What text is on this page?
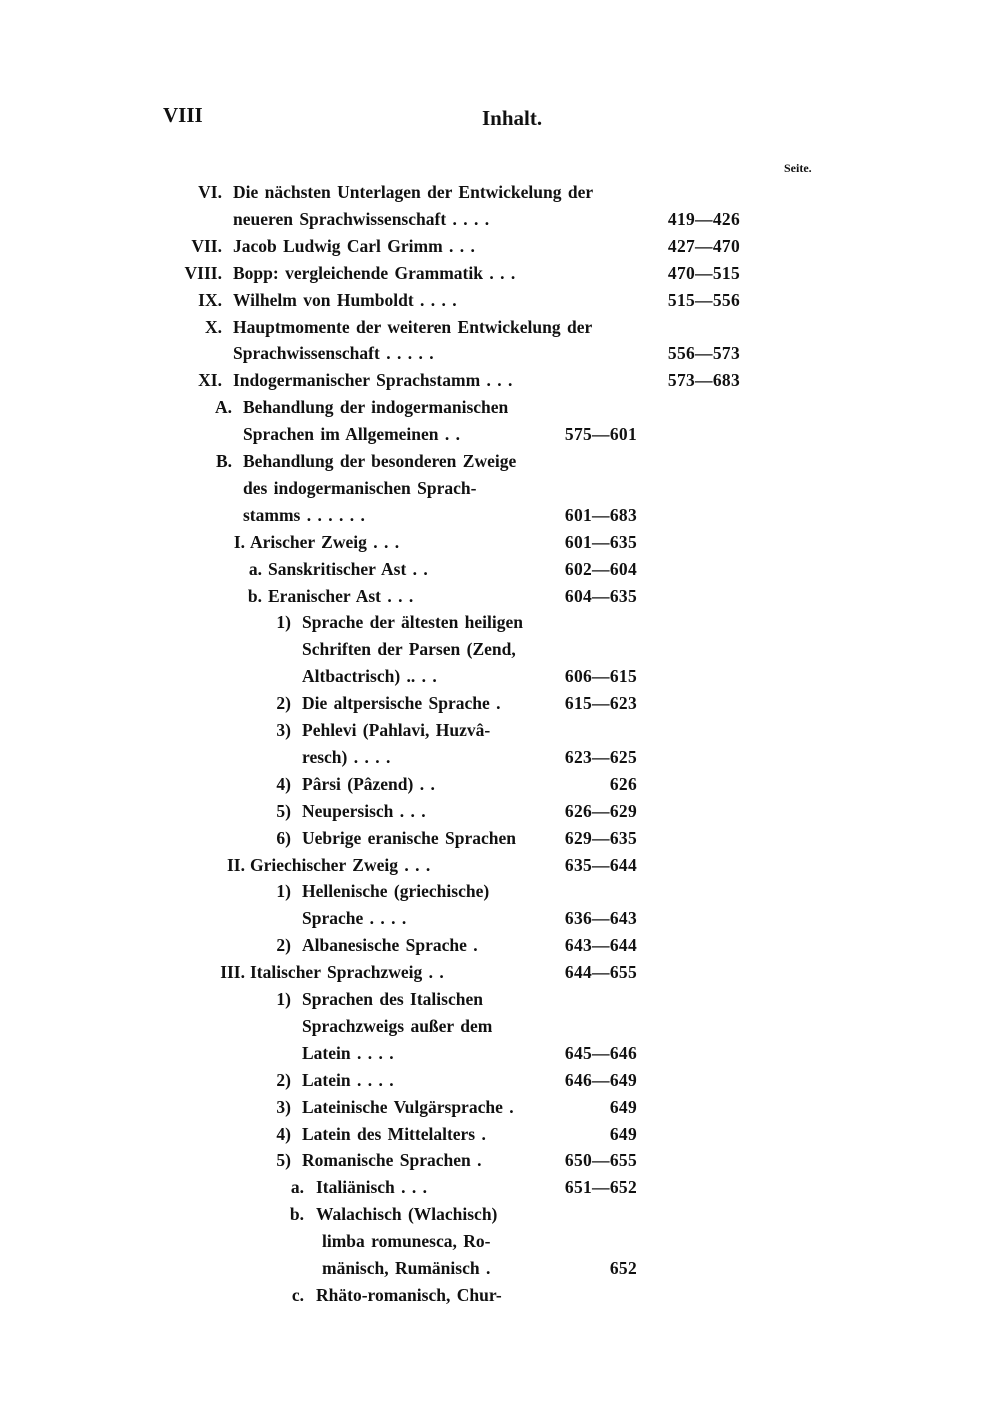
VIII	Inhalt.
Seite.
VI. Die nächsten Unterlagen der Entwickelung der
neueren Sprachwissenschaft . . . .	419—426
VII. Jacob Ludwig Carl Grimm . . .	427—470
VIII. Bopp: vergleichende Grammatik . . .	470—515
IX. Wilhelm von Humboldt . . . .	515—556
X. Hauptmomente der weiteren Entwickelung der
Sprachwissenschaft . . . . .	556—573
XI. Indogermanischer Sprachstamm . . .	573—683
A. Behandlung der indogermanischen
Sprachen im Allgemeinen . .	575—601
B. Behandlung der besonderen Zweige
des indogermanischen Sprach-
stamms . . . . . .	601—683
I. Arischer Zweig . . .	601—635
a. Sanskritischer Ast . .	602—604
b. Eranischer Ast . . .	604—635
1) Sprache der ältesten heiligen
Schriften der Parsen (Zend,
Altbactrisch) .. . .	606—615
2) Die altpersische Sprache .	615—623
3) Pehlevi (Pahlavi, Huzvâ-
resch) . . . .	623—625
4) Pârsi (Pâzend) . .	626
5) Neupersisch . . .	626—629
6) Uebrige eranische Sprachen	629—635
II. Griechischer Zweig . . .	635—644
1) Hellenische (griechische)
Sprache . . . .	636—643
2) Albanesische Sprache .	643—644
III. Italischer Sprachzweig . .	644—655
1) Sprachen des Italischen
Sprachzweigs außer dem
Latein . . . .	645—646
2) Latein . . . .	646—649
3) Lateinische Vulgärsprache .	649
4) Latein des Mittelalters .	649
5) Romanische Sprachen .	650—655
a. Italiänisch . . .	651—652
b. Walachisch (Wlachisch)
limba romunesca, Ro-
mänisch, Rumänisch .	652
c. Rhäto-romanisch, Chur-
